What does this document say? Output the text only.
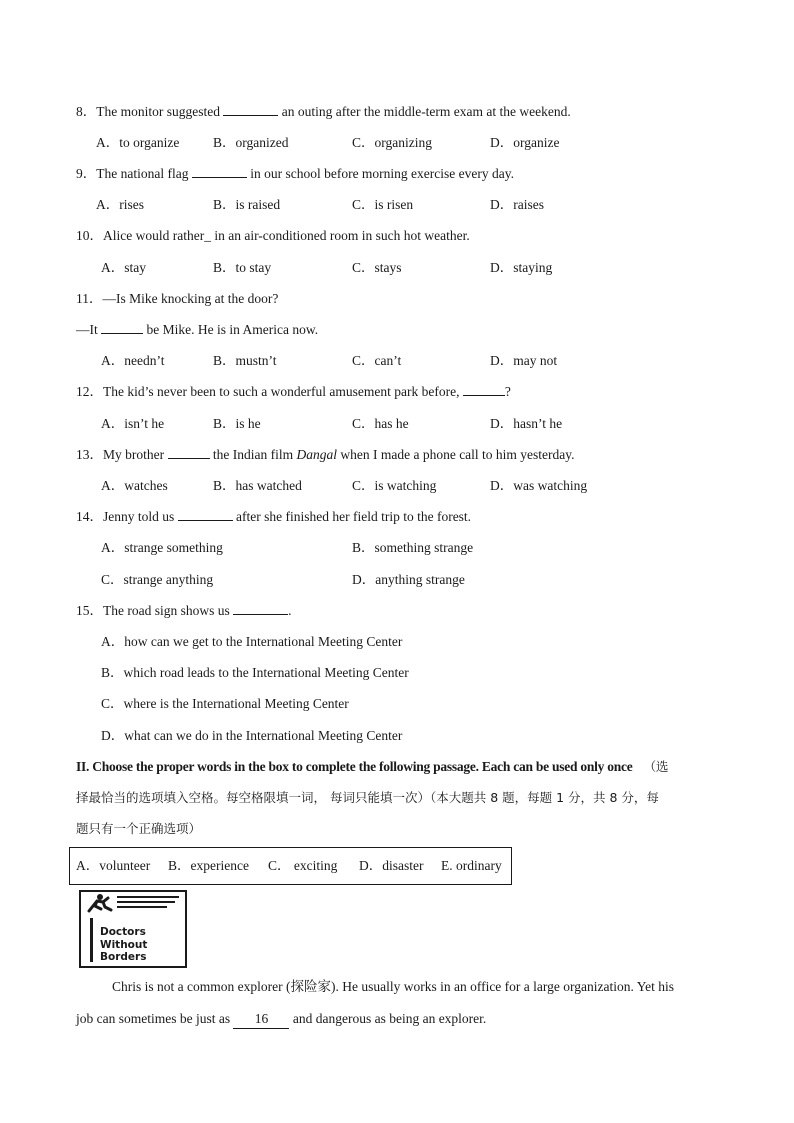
8．The monitor suggested	an outing after the middle-term exam at the weekend.
A．to organize B．organized	C．organizing	D．organize
9．The national flag	in our school before morning exercise every day.
A．rises	B．is raised	C．is risen	D．raises
10．Alice would rather_ in an air-conditioned room in such hot weather.
A．stay	B．to stay	C．stays	D．staying
11．—Is Mike knocking at the door?
—It	be Mike. He is in America now.
A．needn’t	B．mustn’t	C．can’t	D．may not
12．The kid’s never been to such a wonderful amusement park before,	?
A．isn’t he	B．is he	C．has he	D．hasn’t he
13．My brother	the Indian film Dangal when I made a phone call to him yesterday.
A．watches	B．has watched	C．is watching	D．was watching
14．Jenny told us	after she finished her field trip to the forest.
A．strange something	B．something strange
C．strange anything	D．anything strange
15．The road sign shows us	.
A．how can we get to the International Meeting Center
B．which road leads to the International Meeting Center
C．where is the International Meeting Center
D．what can we do in the International Meeting Center
II. Choose the proper words in the box to complete the following passage. Each can be used only once （选
择最恰当的选项填入空格。每空格限填一词， 每词只能填一次）（本大题共 8 题，每题 1 分，共 8 分，每
题只有一个正确选项）
A．volunteer B．experience C． exciting D．disaster E. ordinary
Doctors
Without
Borders
Chris is not a common explorer (探险家). He usually works in an office for a large organization. Yet his
job can sometimes be just as 16 and dangerous as being an explorer.
